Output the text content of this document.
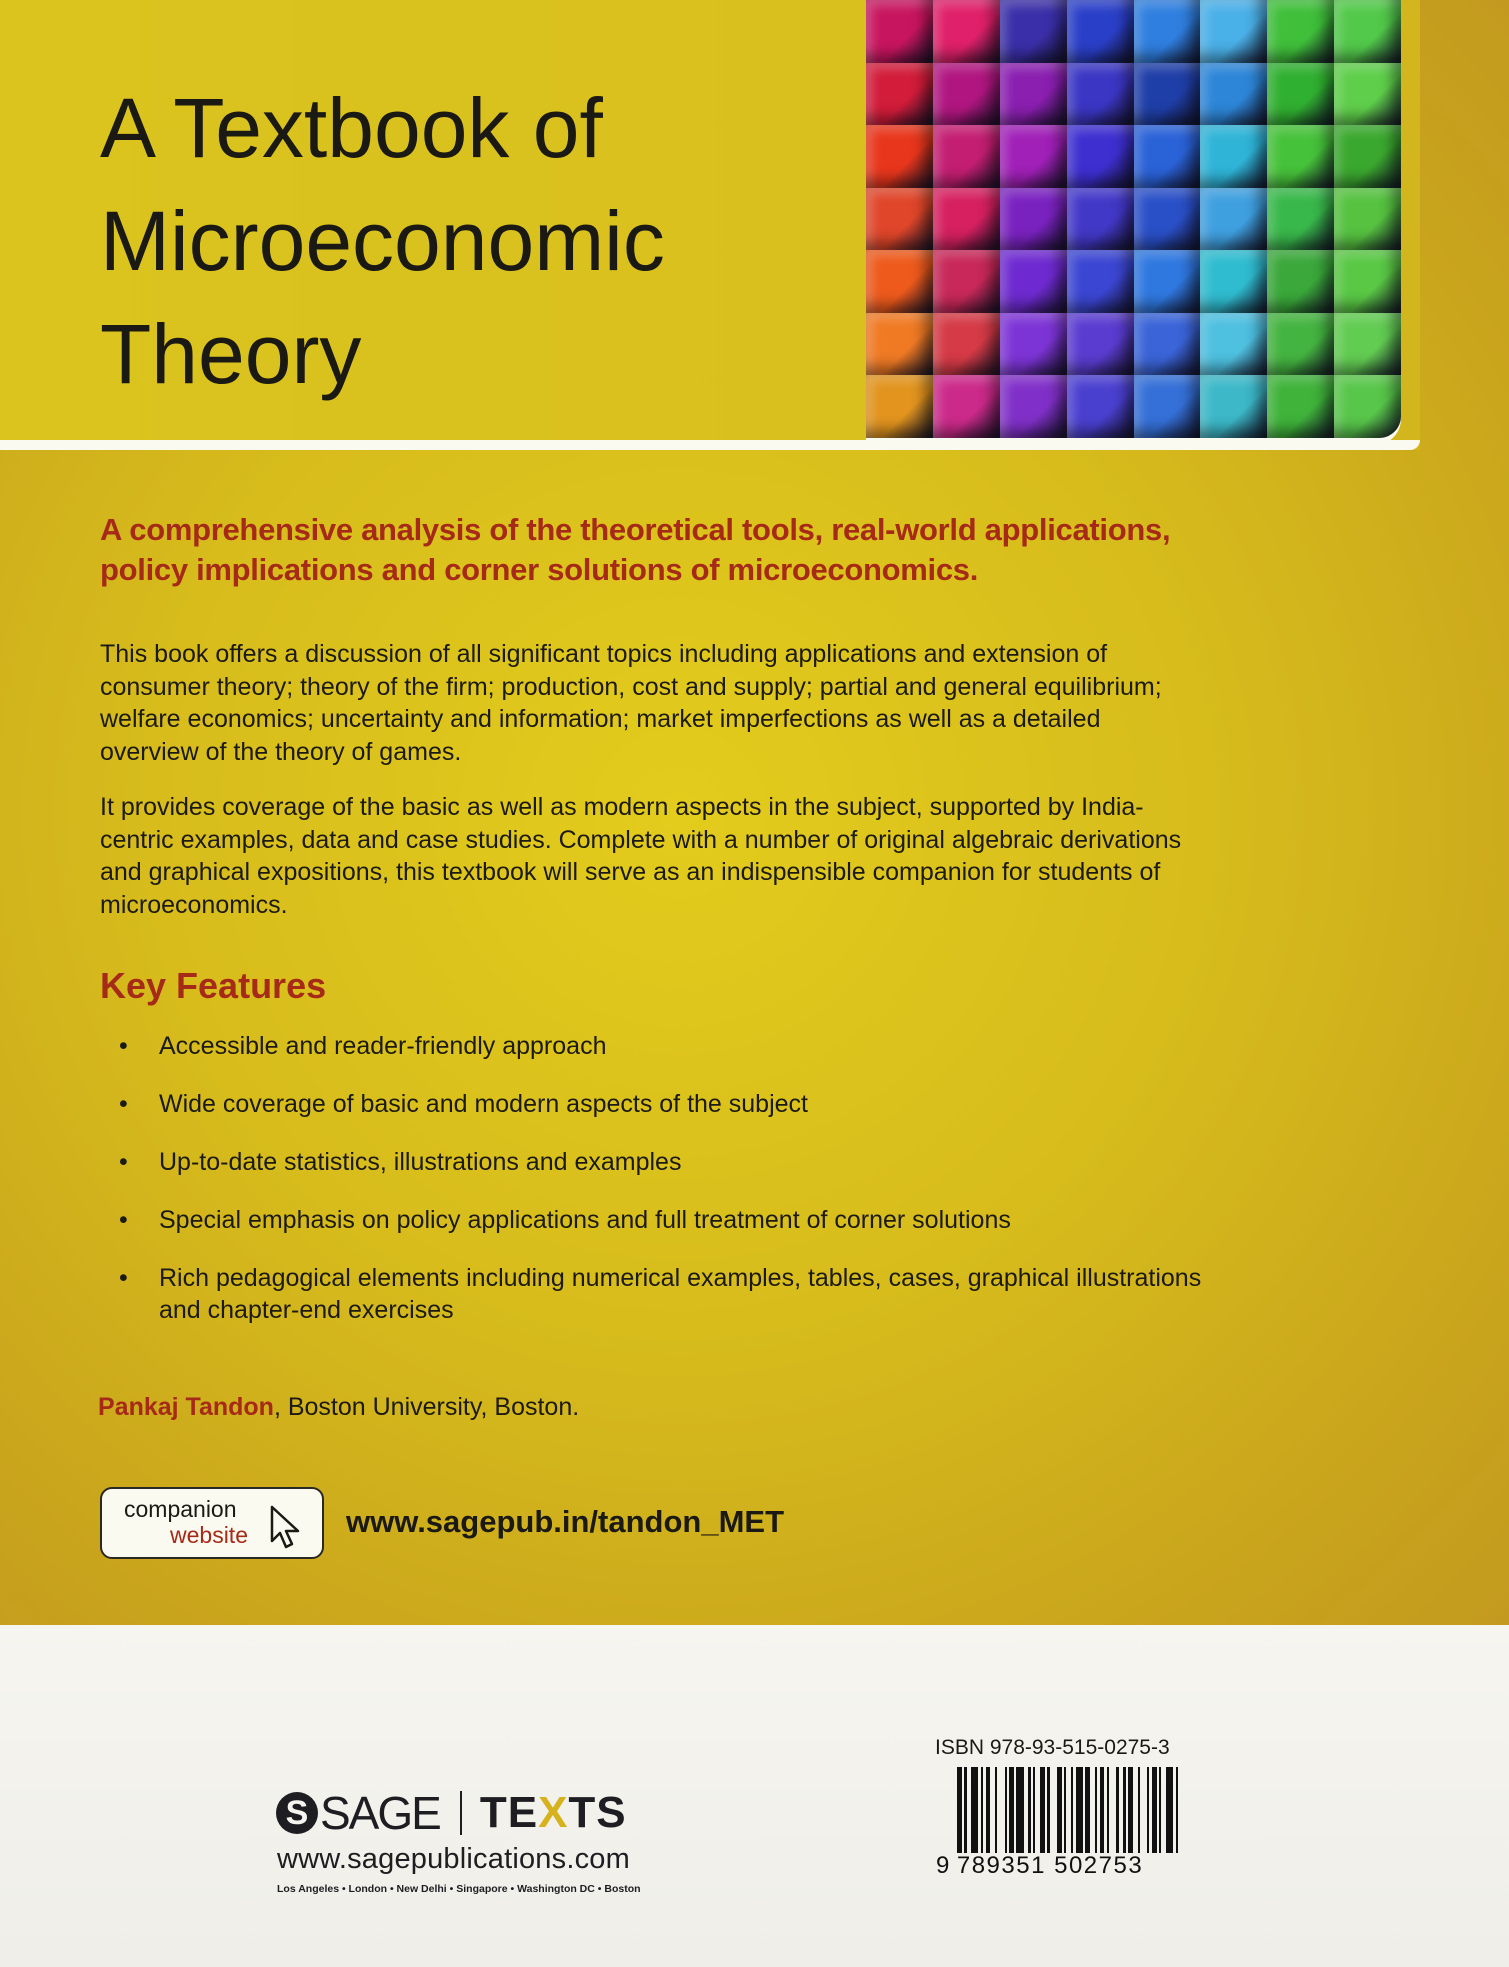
A Textbook of
Microeconomic
Theory

A comprehensive analysis of the theoretical tools, real-world applications, policy implications and corner solutions of microeconomics.

This book offers a discussion of all significant topics including applications and extension of consumer theory; theory of the firm; production, cost and supply; partial and general equilibrium; welfare economics; uncertainty and information; market imperfections as well as a detailed overview of the theory of games.

It provides coverage of the basic as well as modern aspects in the subject, supported by India-centric examples, data and case studies. Complete with a number of original algebraic derivations and graphical expositions, this textbook will serve as an indispensible companion for students of microeconomics.

Key Features
• Accessible and reader-friendly approach
• Wide coverage of basic and modern aspects of the subject
• Up-to-date statistics, illustrations and examples
• Special emphasis on policy applications and full treatment of corner solutions
• Rich pedagogical elements including numerical examples, tables, cases, graphical illustrations and chapter-end exercises

Pankaj Tandon, Boston University, Boston.

companion
website	www.sagepub.in/tandon_MET
S SAGE TEXTS
www.sagepublications.com
Los Angeles • London • New Delhi • Singapore • Washington DC • Boston
ISBN 978-93-515-0275-3
9 789351 502753
